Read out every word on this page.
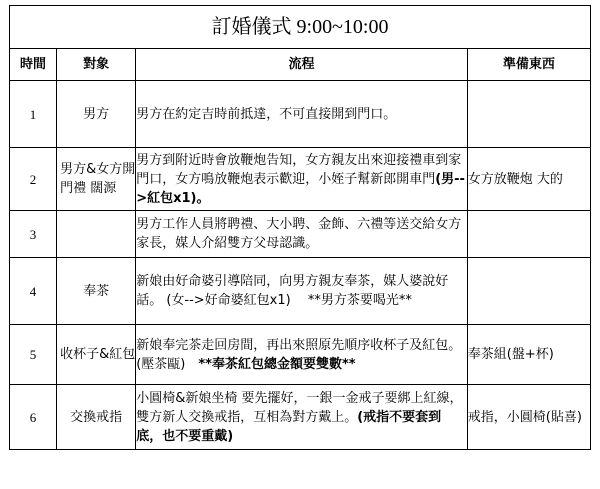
訂婚儀式 9:00~10:00			
時間	對象	流程	準備東西
1	男方	男方在約定吉時前抵達，不可直接開到門口。	
2	男方&女方開門禮 闊源	男方到附近時會放鞭炮告知，女方親友出來迎接禮車到家門口，女方鳴放鞭炮表示歡迎，小姪子幫新郎開車門(男-->紅包x1)。	女方放鞭炮 大的
3		男方工作人員將聘禮、大小聘、金飾、六禮等送交給女方家長，媒人介紹雙方父母認識。	
4	奉茶	新娘由好命婆引導陪同，向男方親友奉茶，媒人婆說好話。 (女-->好命婆紅包x1)　 **男方茶要喝光**	
5	收杯子&紅包	新娘奉完茶走回房間，再出來照原先順序收杯子及紅包。(壓茶甌)　**奉茶紅包總金額要雙數**	奉茶組(盤+杯)
6	交換戒指	小圓椅&新娘坐椅 要先擺好，一銀一金戒子要綁上紅線，雙方新人交換戒指，互相為對方戴上。(戒指不要套到底，也不要重戴)	戒指，小圓椅(貼喜)
